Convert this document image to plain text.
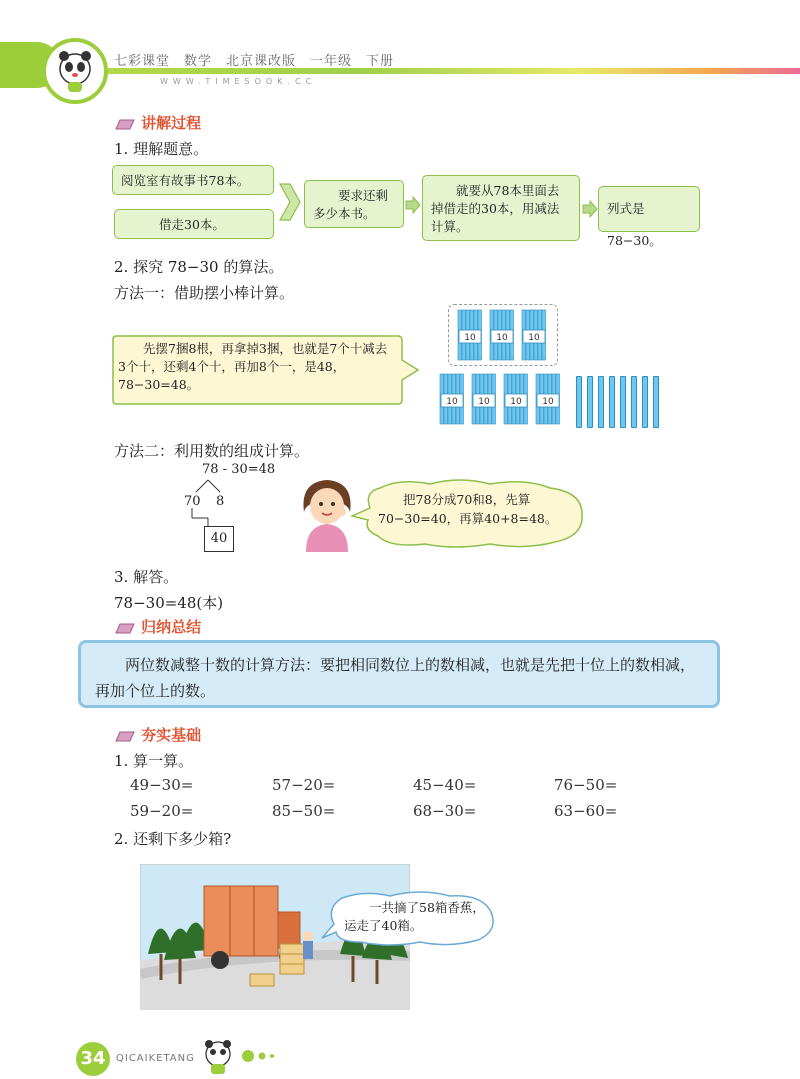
七彩课堂　数学　北京课改版　一年级　下册
WWW.TIMESOOK.CC
讲解过程
1. 理解题意。
阅览室有故事书78本。
借走30本。
要求还剩多少本书。
就要从78本里面去掉借走的30本，用减法计算。
列式是78−30。
2. 探究 78−30 的算法。
方法一：借助摆小棒计算。
先摆7捆8根，再拿掉3捆，也就是7个十减去3个十，还剩4个十，再加8个一，是48，78−30=48。
10 10 10
10 10 10 10
方法二：利用数的组成计算。
78 - 30=48
70 8
40
把78分成70和8，先算70−30=40，再算40+8=48。
3. 解答。
78−30=48(本)
归纳总结
两位数减整十数的计算方法：要把相同数位上的数相减，也就是先把十位上的数相减，再加个位上的数。
夯实基础
1. 算一算。
49−30=	57−20=	45−40=	76−50=
59−20=	85−50=	68−30=	63−60=
2. 还剩下多少箱?
一共摘了58箱香蕉，运走了40箱。
34	QICAIKETANG
